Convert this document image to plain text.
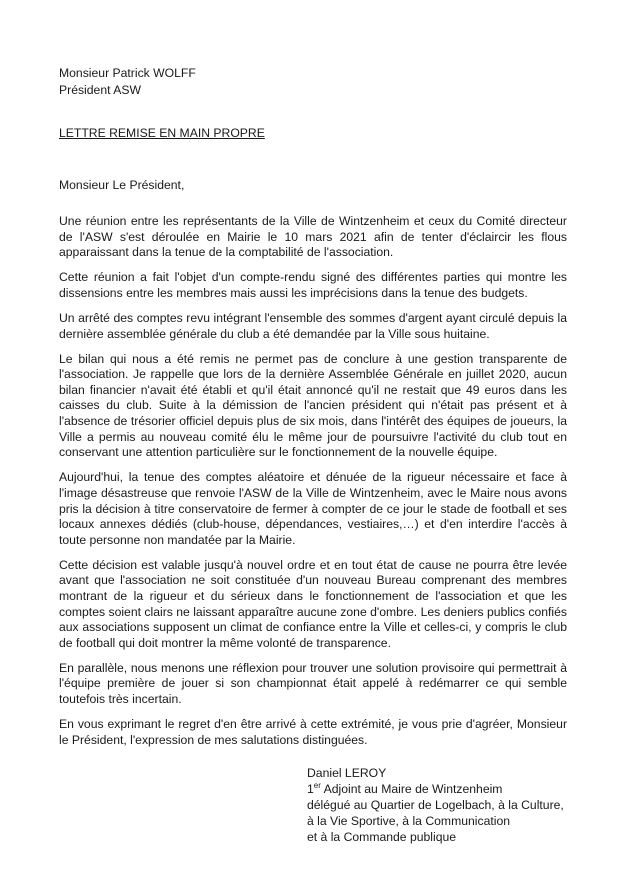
Monsieur Patrick WOLFF
Président ASW
LETTRE REMISE EN MAIN PROPRE
Monsieur Le Président,

Une réunion entre les représentants de la Ville de Wintzenheim et ceux du Comité directeur de l'ASW s'est déroulée en Mairie le 10 mars 2021 afin de tenter d'éclaircir les flous apparaissant dans la tenue de la comptabilité de l'association.

Cette réunion a fait l'objet d'un compte-rendu signé des différentes parties qui montre les dissensions entre les membres mais aussi les imprécisions dans la tenue des budgets.

Un arrêté des comptes revu intégrant l'ensemble des sommes d'argent ayant circulé depuis la dernière assemblée générale du club a été demandée par la Ville sous huitaine.

Le bilan qui nous a été remis ne permet pas de conclure à une gestion transparente de l'association. Je rappelle que lors de la dernière Assemblée Générale en juillet 2020, aucun bilan financier n'avait été établi et qu'il était annoncé qu'il ne restait que 49 euros dans les caisses du club. Suite à la démission de l'ancien président qui n'était pas présent et à l'absence de trésorier officiel depuis plus de six mois, dans l'intérêt des équipes de joueurs, la Ville a permis au nouveau comité élu le même jour de poursuivre l'activité du club tout en conservant une attention particulière sur le fonctionnement de la nouvelle équipe.

Aujourd'hui, la tenue des comptes aléatoire et dénuée de la rigueur nécessaire et face à l'image désastreuse que renvoie l'ASW de la Ville de Wintzenheim, avec le Maire nous avons pris la décision à titre conservatoire de fermer à compter de ce jour le stade de football et ses locaux annexes dédiés (club-house, dépendances, vestiaires,…) et d'en interdire l'accès à toute personne non mandatée par la Mairie.

Cette décision est valable jusqu'à nouvel ordre et en tout état de cause ne pourra être levée avant que l'association ne soit constituée d'un nouveau Bureau comprenant des membres montrant de la rigueur et du sérieux dans le fonctionnement de l'association et que les comptes soient clairs ne laissant apparaître aucune zone d'ombre. Les deniers publics confiés aux associations supposent un climat de confiance entre la Ville et celles-ci, y compris le club de football qui doit montrer la même volonté de transparence.

En parallèle, nous menons une réflexion pour trouver une solution provisoire qui permettrait à l'équipe première de jouer si son championnat était appelé à redémarrer ce qui semble toutefois très incertain.

En vous exprimant le regret d'en être arrivé à cette extrémité, je vous prie d'agréer, Monsieur le Président, l'expression de mes salutations distinguées.

Daniel LEROY
1er Adjoint au Maire de Wintzenheim
délégué au Quartier de Logelbach, à la Culture,
à la Vie Sportive, à la Communication
et à la Commande publique
